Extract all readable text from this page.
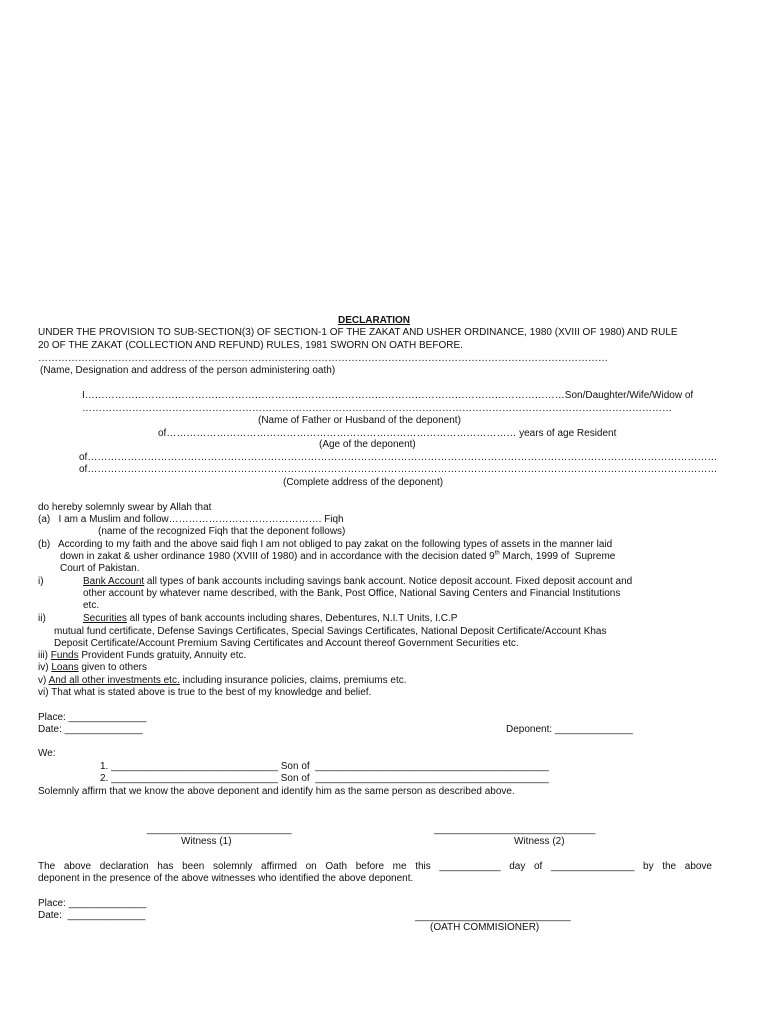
DECLARATION
UNDER THE PROVISION TO SUB-SECTION(3) OF SECTION-1 OF THE ZAKAT AND USHER ORDINANCE, 1980 (XVIII OF 1980) AND RULE
20 OF THE ZAKAT (COLLECTION AND REFUND) RULES, 1981 SWORN ON OATH BEFORE.
………………………………………………………………………………………………………………………………………………………
(Name, Designation and address of the person administering oath)
I………………………………………………………………………………………………………………………………Son/Daughter/Wife/Widow of
……………………………………………………………………………………………………………………………………………………………
(Name of Father or Husband of the deponent)
of…………………………………………………………………………………………… years of age Resident
(Age of the deponent)
of………………………………………………………………………………………………………………………………………………………………………
of………………………………………………………………………………………………………………………………………………………………………
(Complete address of the deponent)
do hereby solemnly swear by Allah that
(a)   I am a Muslim and follow………………………………………. Fiqh
(name of the recognized Fiqh that the deponent follows)
(b)   According to my faith and the above said fiqh I am not obliged to pay zakat on the following types of assets in the manner laid
down in zakat & usher ordinance 1980 (XVIII of 1980) and in accordance with the decision dated 9th March, 1999 of  Supreme
Court of Pakistan.
i)	Bank Account all types of bank accounts including savings bank account. Notice deposit account. Fixed deposit account and
other account by whatever name described, with the Bank, Post Office, National Saving Centers and Financial Institutions
etc.
ii)	Securities all types of bank accounts including shares, Debentures, N.I.T Units, I.C.P
mutual fund certificate, Defense Savings Certificates, Special Savings Certificates, National Deposit Certificate/Account Khas
Deposit Certificate/Account Premium Saving Certificates and Account thereof Government Securities etc.
iii) Funds Provident Funds gratuity, Annuity etc.
iv) Loans given to others
v) And all other investments etc. including insurance policies, claims, premiums etc.
vi) That what is stated above is true to the best of my knowledge and belief.
Place: ______________
Date: ______________	Deponent: ______________
We:
1. ______________________________ Son of  __________________________________________
2. ______________________________ Son of  __________________________________________
Solemnly affirm that we know the above deponent and identify him as the same person as described above.
__________________________	_____________________________
Witness (1)	Witness (2)
The above declaration has been solemnly affirmed on Oath before me this ___________ day of _______________ by the above
deponent in the presence of the above witnesses who identified the above deponent.
Place: ______________
Date:  ______________	____________________________
(OATH COMMISIONER)
